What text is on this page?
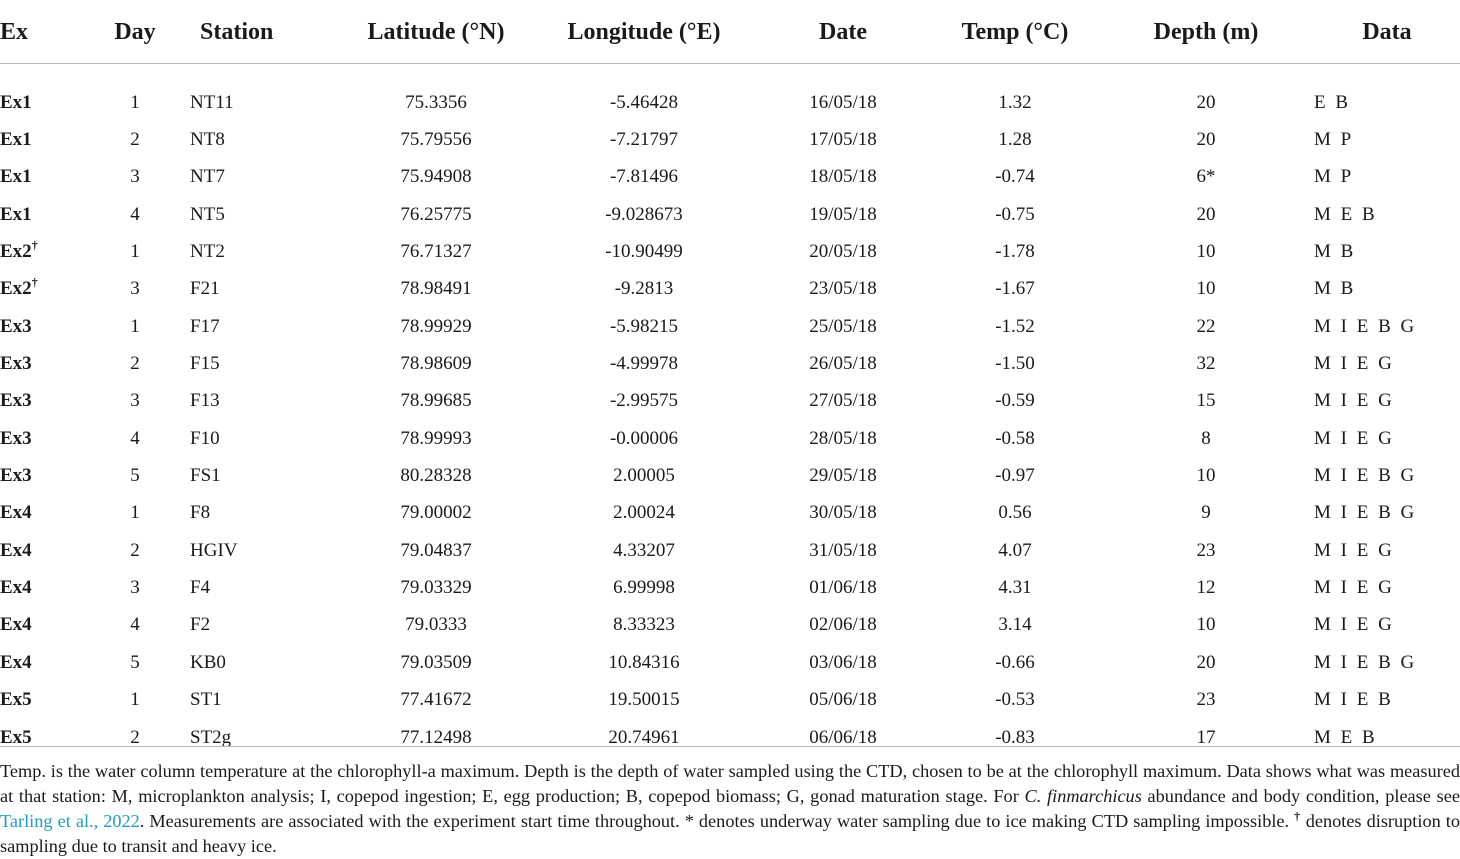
Ex	Day	Station	Latitude (°N)	Longitude (°E)	Date	Temp (°C)	Depth (m)	Data

Ex1	1	NT11	75.3356	-5.46428	16/05/18	1.32	20	E B
Ex1	2	NT8	75.79556	-7.21797	17/05/18	1.28	20	M P
Ex1	3	NT7	75.94908	-7.81496	18/05/18	-0.74	6*	M P
Ex1	4	NT5	76.25775	-9.028673	19/05/18	-0.75	20	M E B
Ex2†	1	NT2	76.71327	-10.90499	20/05/18	-1.78	10	M B
Ex2†	3	F21	78.98491	-9.2813	23/05/18	-1.67	10	M B
Ex3	1	F17	78.99929	-5.98215	25/05/18	-1.52	22	M I E B G
Ex3	2	F15	78.98609	-4.99978	26/05/18	-1.50	32	M I E G
Ex3	3	F13	78.99685	-2.99575	27/05/18	-0.59	15	M I E G
Ex3	4	F10	78.99993	-0.00006	28/05/18	-0.58	8	M I E G
Ex3	5	FS1	80.28328	2.00005	29/05/18	-0.97	10	M I E B G
Ex4	1	F8	79.00002	2.00024	30/05/18	0.56	9	M I E B G
Ex4	2	HGIV	79.04837	4.33207	31/05/18	4.07	23	M I E G
Ex4	3	F4	79.03329	6.99998	01/06/18	4.31	12	M I E G
Ex4	4	F2	79.0333	8.33323	02/06/18	3.14	10	M I E G
Ex4	5	KB0	79.03509	10.84316	03/06/18	-0.66	20	M I E B G
Ex5	1	ST1	77.41672	19.50015	05/06/18	-0.53	23	M I E B
Ex5	2	ST2g	77.12498	20.74961	06/06/18	-0.83	17	M E B

Temp. is the water column temperature at the chlorophyll-a maximum. Depth is the depth of water sampled using the CTD, chosen to be at the chlorophyll maximum. Data shows what was measured at that station: M, microplankton analysis; I, copepod ingestion; E, egg production; B, copepod biomass; G, gonad maturation stage. For C. finmarchicus abundance and body condition, please see Tarling et al., 2022. Measurements are associated with the experiment start time throughout. * denotes underway water sampling due to ice making CTD sampling impossible. † denotes disruption to sampling due to transit and heavy ice.
